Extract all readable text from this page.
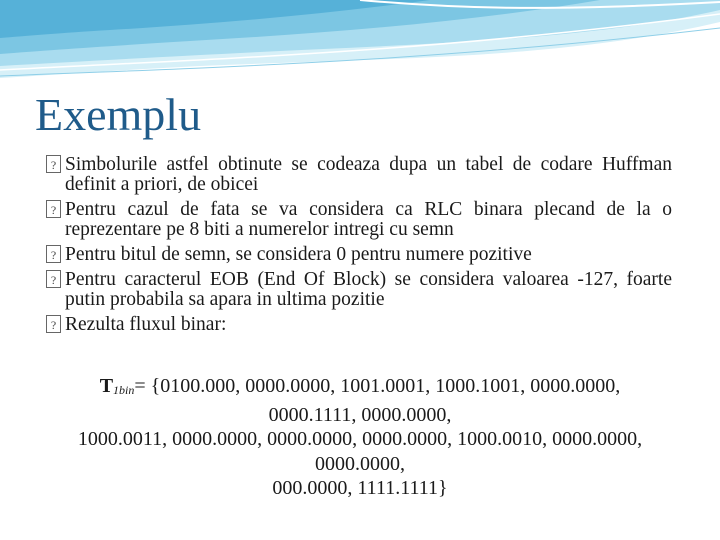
Exemplu
? Simbolurile astfel obtinute se codeaza dupa un tabel de codare Huffman definit a priori, de obicei
? Pentru cazul de fata se va considera ca RLC binara plecand de la o reprezentare pe 8 biti a numerelor intregi cu semn
? Pentru bitul de semn, se considera 0 pentru numere pozitive
? Pentru caracterul EOB (End Of Block) se considera valoarea -127, foarte putin probabila sa apara in ultima pozitie
? Rezulta fluxul binar:
$T_{1bin}= \{0100.000$, 0000.0000, 1001.0001, 1000.1001, 0000.0000,
0000.1111, 0000.0000,
1000.0011, 0000.0000, 0000.0000, 0000.0000, 1000.0010, 0000.0000,
0000.0000,
000.0000, 1111.1111}
